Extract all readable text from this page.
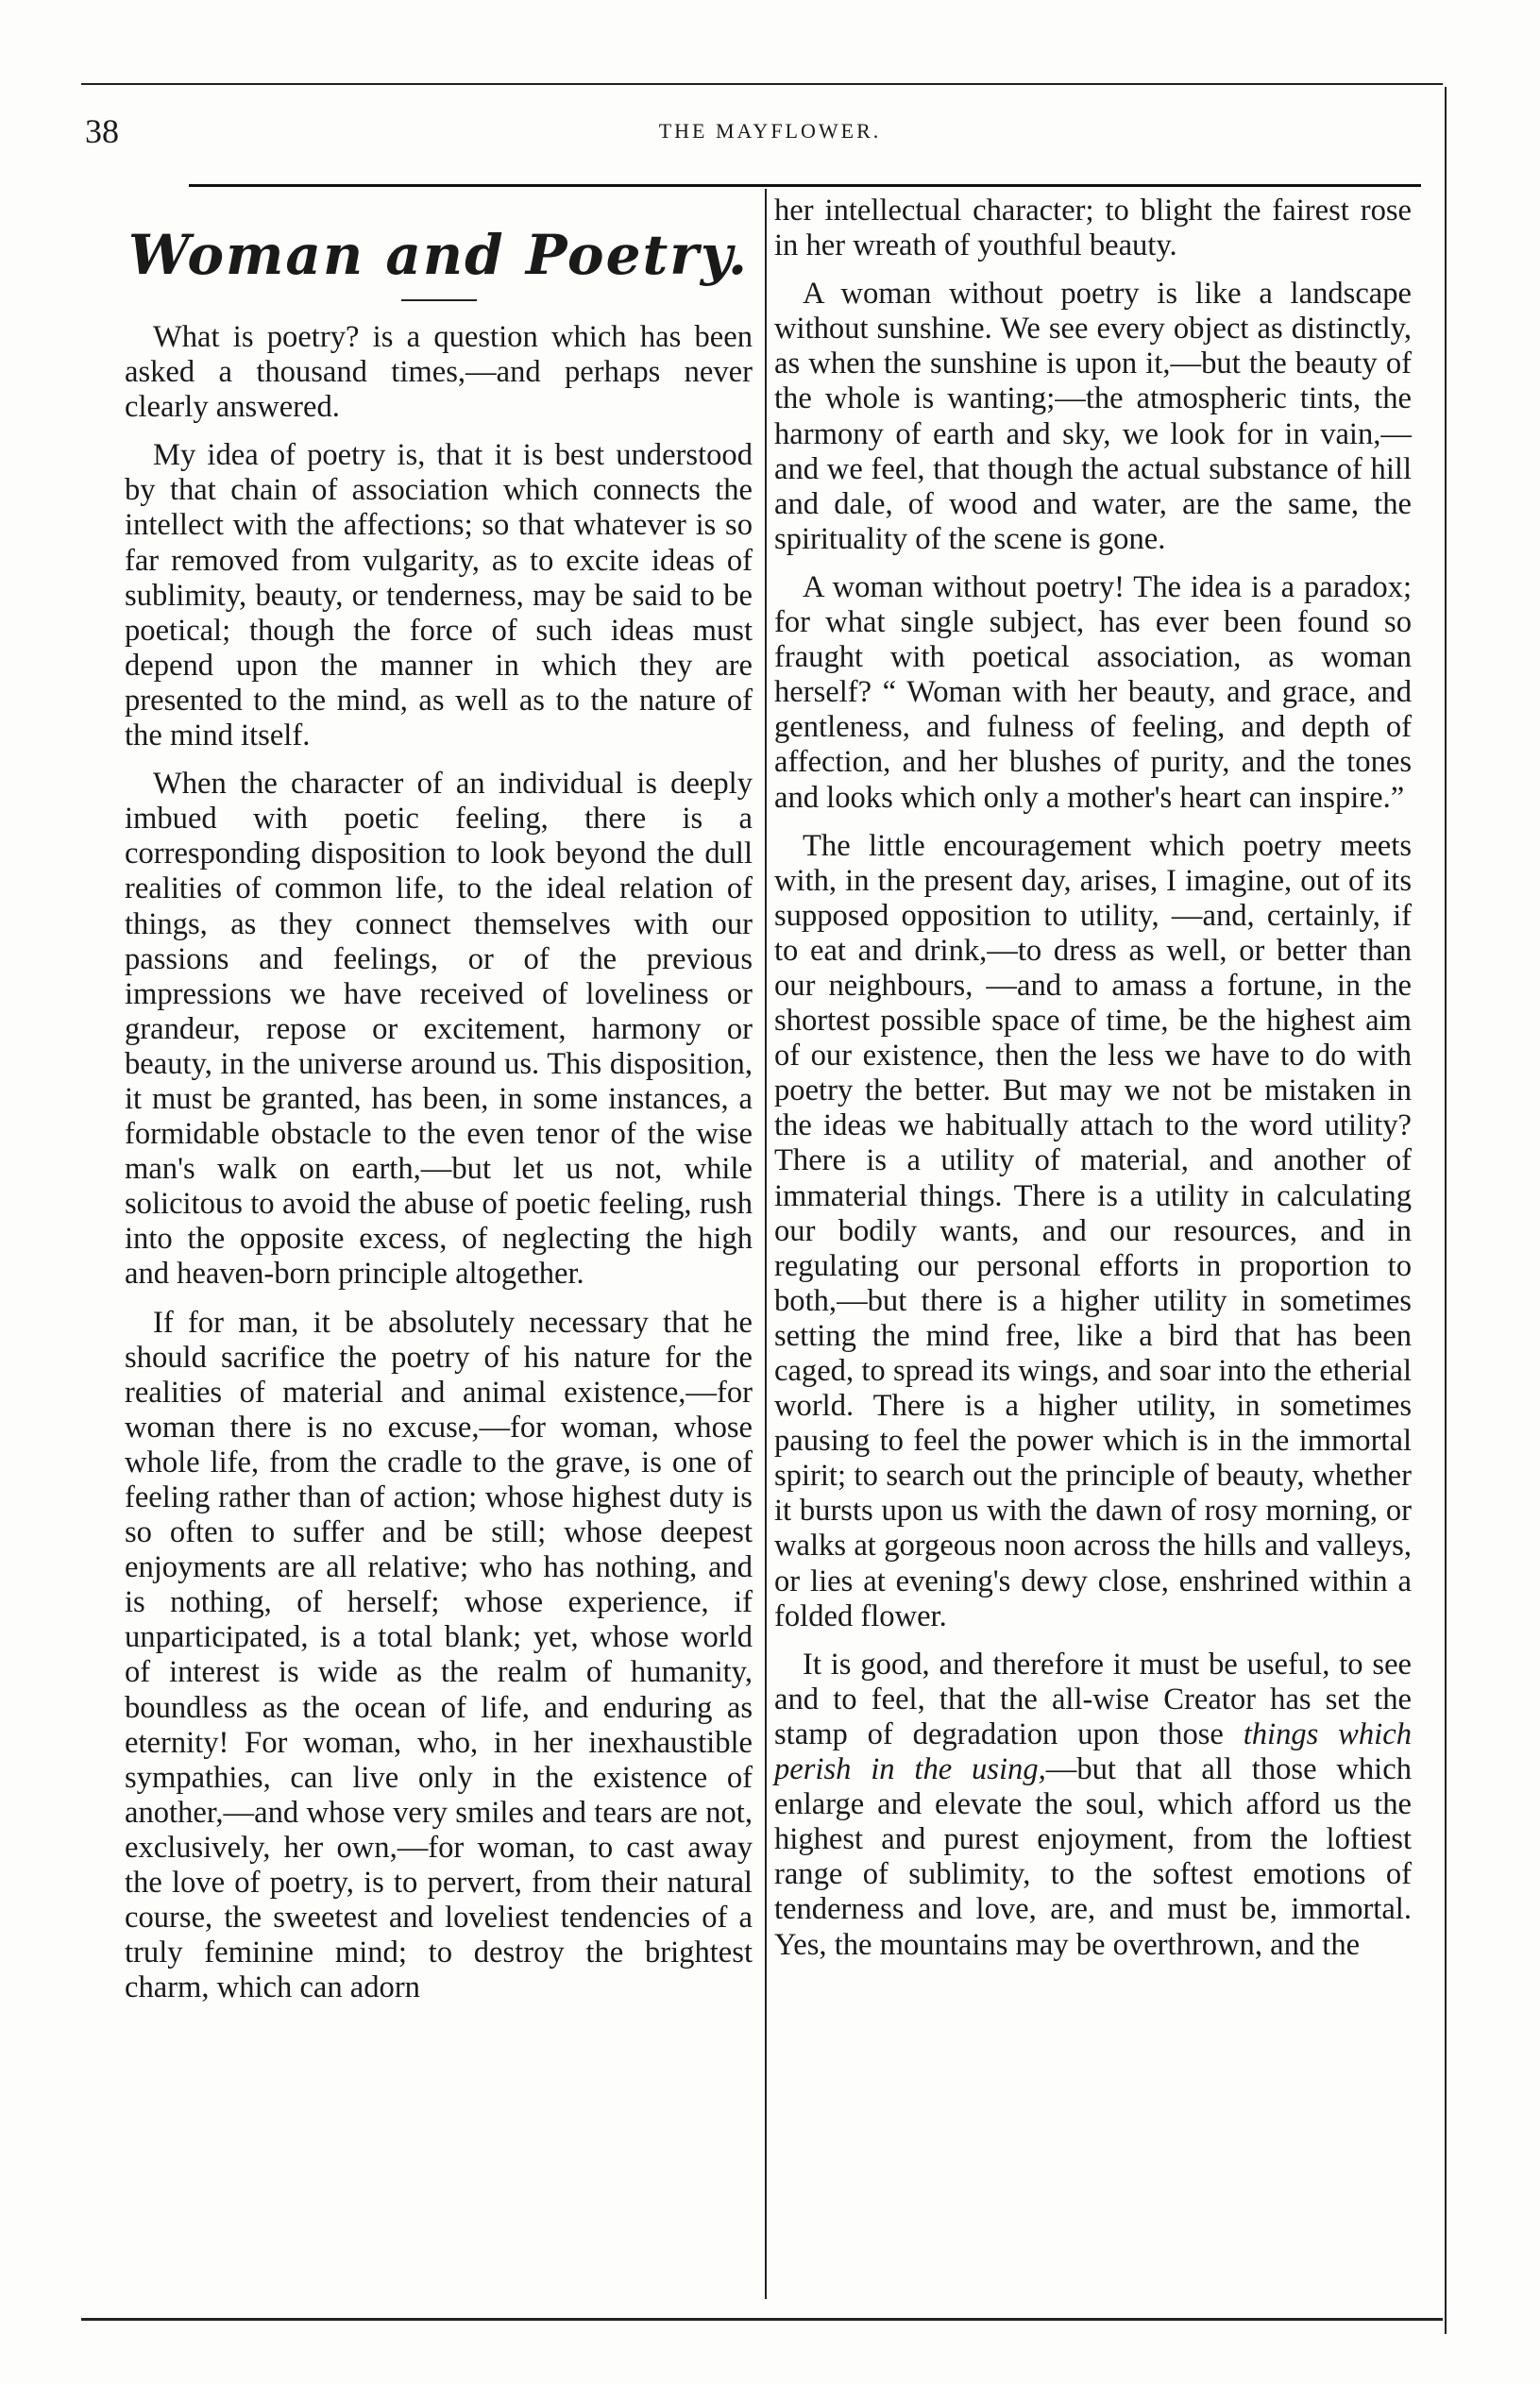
38	THE MAYFLOWER.
Woman and Poetry.

What is poetry? is a question which has been asked a thousand times,—and perhaps never clearly answered.

My idea of poetry is, that it is best understood by that chain of association which connects the intellect with the affections; so that whatever is so far removed from vulgarity, as to excite ideas of sublimity, beauty, or tenderness, may be said to be poetical; though the force of such ideas must depend upon the manner in which they are presented to the mind, as well as to the nature of the mind itself.

When the character of an individual is deeply imbued with poetic feeling, there is a corresponding disposition to look beyond the dull realities of common life, to the ideal relation of things, as they connect themselves with our passions and feelings, or of the previous impressions we have received of loveliness or grandeur, repose or excitement, harmony or beauty, in the universe around us. This disposition, it must be granted, has been, in some instances, a formidable obstacle to the even tenor of the wise man's walk on earth,—but let us not, while solicitous to avoid the abuse of poetic feeling, rush into the opposite excess, of neglecting the high and heaven-born principle altogether.

If for man, it be absolutely necessary that he should sacrifice the poetry of his nature for the realities of material and animal existence,—for woman there is no excuse,—for woman, whose whole life, from the cradle to the grave, is one of feeling rather than of action; whose highest duty is so often to suffer and be still; whose deepest enjoyments are all relative; who has nothing, and is nothing, of herself; whose experience, if unparticipated, is a total blank; yet, whose world of interest is wide as the realm of humanity, boundless as the ocean of life, and enduring as eternity! For woman, who, in her inexhaustible sympathies, can live only in the existence of another,—and whose very smiles and tears are not, exclusively, her own,—for woman, to cast away the love of poetry, is to pervert, from their natural course, the sweetest and loveliest tendencies of a truly feminine mind; to destroy the brightest charm, which can adorn

her intellectual character; to blight the fairest rose in her wreath of youthful beauty.

A woman without poetry is like a landscape without sunshine. We see every object as distinctly, as when the sunshine is upon it,—but the beauty of the whole is wanting;—the atmospheric tints, the harmony of earth and sky, we look for in vain,—and we feel, that though the actual substance of hill and dale, of wood and water, are the same, the spirituality of the scene is gone.

A woman without poetry! The idea is a paradox; for what single subject, has ever been found so fraught with poetical association, as woman herself? “ Woman with her beauty, and grace, and gentleness, and fulness of feeling, and depth of affection, and her blushes of purity, and the tones and looks which only a mother's heart can inspire.”

The little encouragement which poetry meets with, in the present day, arises, I imagine, out of its supposed opposition to utility, —and, certainly, if to eat and drink,—to dress as well, or better than our neighbours, —and to amass a fortune, in the shortest possible space of time, be the highest aim of our existence, then the less we have to do with poetry the better. But may we not be mistaken in the ideas we habitually attach to the word utility? There is a utility of material, and another of immaterial things. There is a utility in calculating our bodily wants, and our resources, and in regulating our personal efforts in proportion to both,—but there is a higher utility in sometimes setting the mind free, like a bird that has been caged, to spread its wings, and soar into the etherial world. There is a higher utility, in sometimes pausing to feel the power which is in the immortal spirit; to search out the principle of beauty, whether it bursts upon us with the dawn of rosy morning, or walks at gorgeous noon across the hills and valleys, or lies at evening's dewy close, enshrined within a folded flower.

It is good, and therefore it must be useful, to see and to feel, that the all-wise Creator has set the stamp of degradation upon those things which perish in the using,—but that all those which enlarge and elevate the soul, which afford us the highest and purest enjoyment, from the loftiest range of sublimity, to the softest emotions of tenderness and love, are, and must be, immortal. Yes, the mountains may be overthrown, and the
